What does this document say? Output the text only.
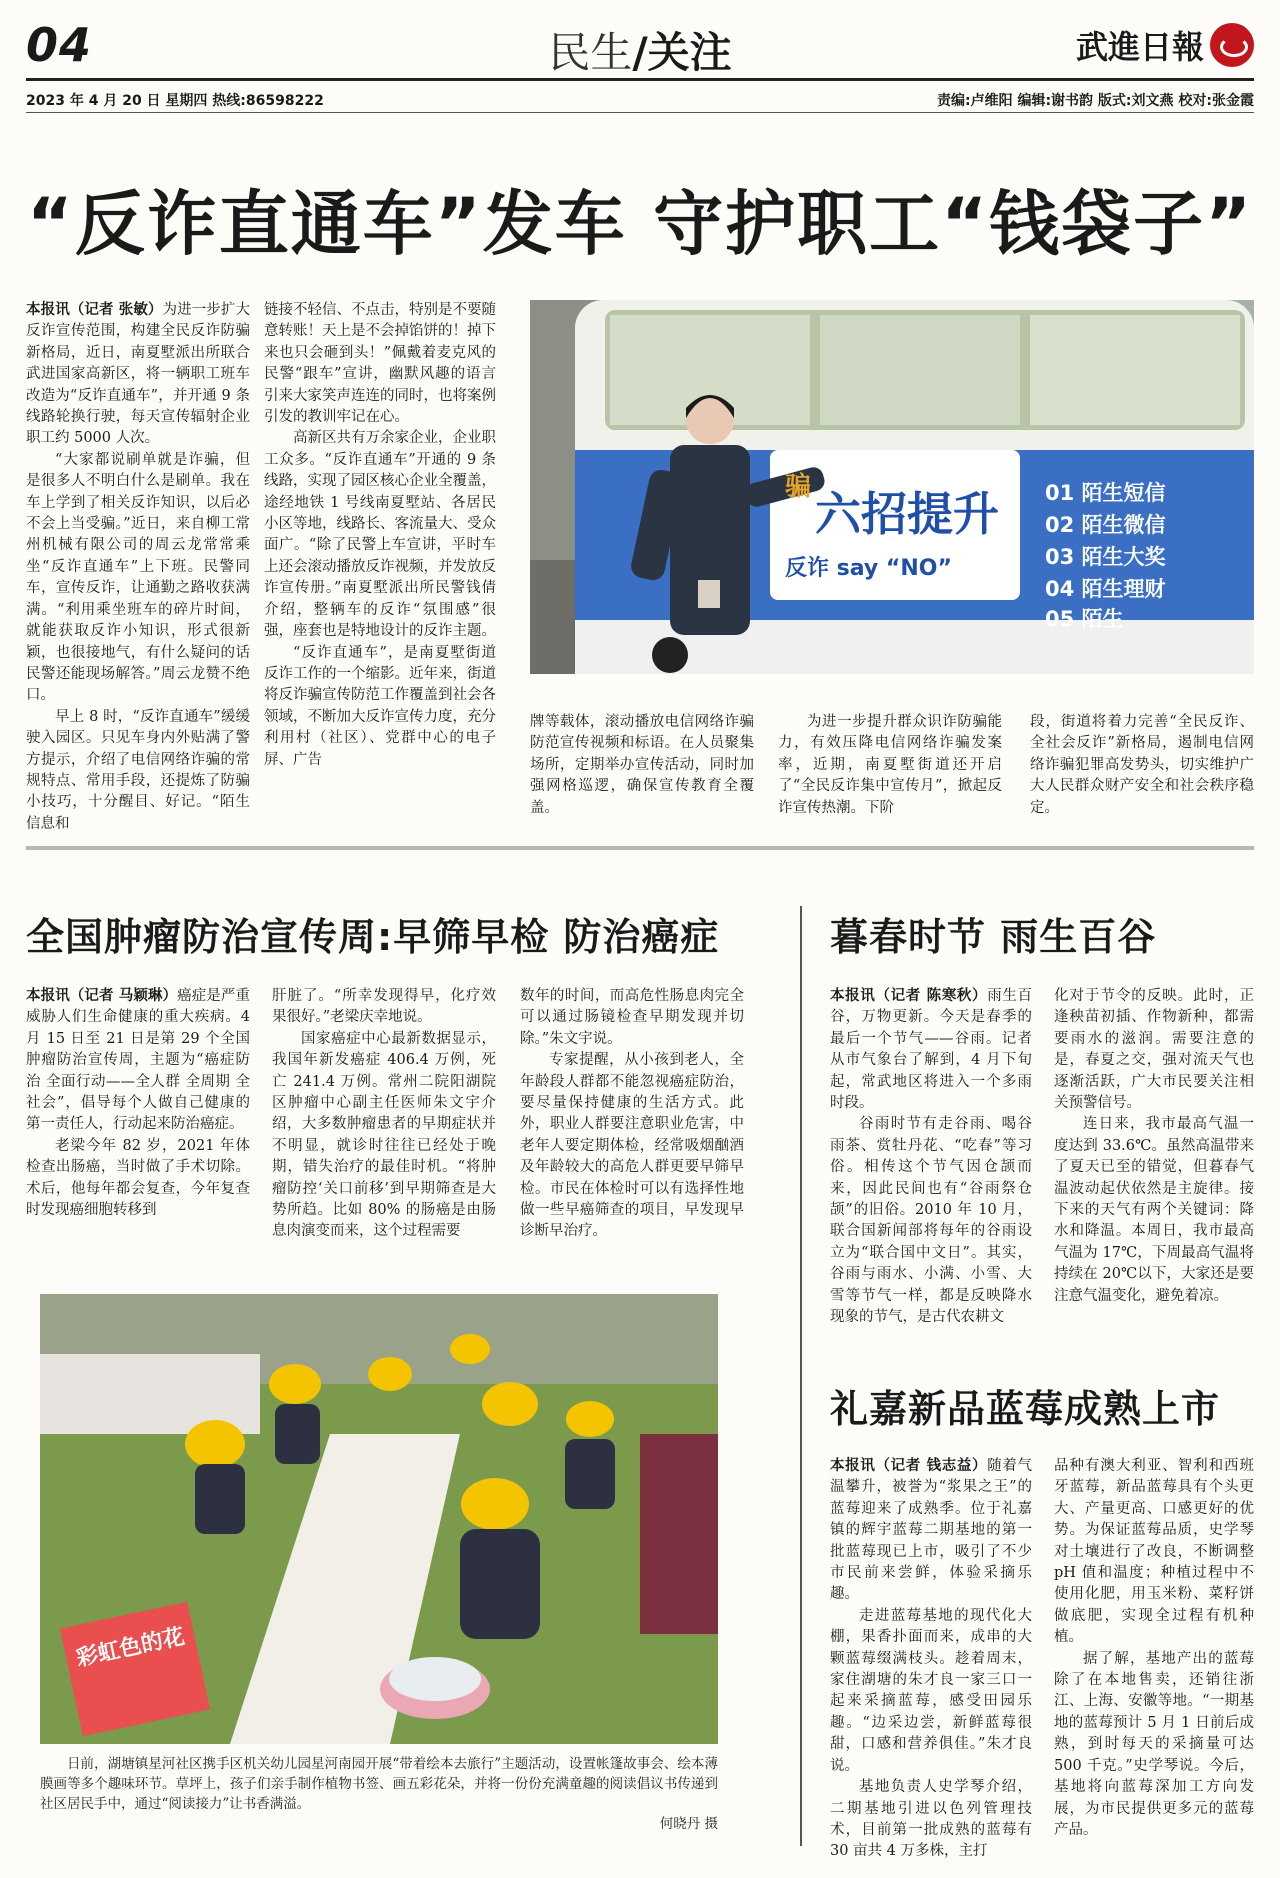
04	民生/关注	武進日報
2023 年 4 月 20 日 星期四 热线:86598222	责编:卢维阳 编辑:谢书韵 版式:刘文燕 校对:张金霞
“反诈直通车”发车 守护职工“钱袋子”

本报讯（记者 张敏）为进一步扩大反诈宣传范围，构建全民反诈防骗新格局，近日，南夏墅派出所联合武进国家高新区，将一辆职工班车改造为“反诈直通车”，并开通 9 条线路轮换行驶，每天宣传辐射企业职工约 5000 人次。

“大家都说刷单就是诈骗，但是很多人不明白什么是刷单。我在车上学到了相关反诈知识，以后必不会上当受骗。”近日，来自柳工常州机械有限公司的周云龙常常乘坐“反诈直通车”上下班。民警同车，宣传反诈，让通勤之路收获满满。“利用乘坐班车的碎片时间，就能获取反诈小知识，形式很新颖，也很接地气，有什么疑问的话民警还能现场解答。”周云龙赞不绝口。

早上 8 时，“反诈直通车”缓缓驶入园区。只见车身内外贴满了警方提示，介绍了电信网络诈骗的常规特点、常用手段，还提炼了防骗小技巧，十分醒目、好记。“陌生信息和

链接不轻信、不点击，特别是不要随意转账！天上是不会掉馅饼的！掉下来也只会砸到头！”佩戴着麦克风的民警“跟车”宣讲，幽默风趣的语言引来大家笑声连连的同时，也将案例引发的教训牢记在心。

高新区共有万余家企业，企业职工众多。“反诈直通车”开通的 9 条线路，实现了园区核心企业全覆盖，途经地铁 1 号线南夏墅站、各居民小区等地，线路长、客流量大、受众面广。“除了民警上车宣讲，平时车上还会滚动播放反诈视频，并发放反诈宣传册。”南夏墅派出所民警钱倩介绍，整辆车的反诈“氛围感”很强，座套也是特地设计的反诈主题。

“反诈直通车”，是南夏墅街道反诈工作的一个缩影。近年来，街道将反诈骗宣传防范工作覆盖到社会各领域，不断加大反诈宣传力度，充分利用村（社区）、党群中心的电子屏、广告

骗 六招提升
反诈 say “NO”
01 陌生短信
02 陌生微信
03 陌生大奖
04 陌生理财
05 陌生

牌等载体，滚动播放电信网络诈骗防范宣传视频和标语。在人员聚集场所，定期举办宣传活动，同时加强网格巡逻，确保宣传教育全覆盖。

为进一步提升群众识诈防骗能力，有效压降电信网络诈骗发案率，近期，南夏墅街道还开启了“全民反诈集中宣传月”，掀起反诈宣传热潮。下阶

段，街道将着力完善“全民反诈、全社会反诈”新格局，遏制电信网络诈骗犯罪高发势头，切实维护广大人民群众财产安全和社会秩序稳定。

全国肿瘤防治宣传周:早筛早检 防治癌症

本报讯（记者 马颖琳）癌症是严重威胁人们生命健康的重大疾病。4 月 15 日至 21 日是第 29 个全国肿瘤防治宣传周，主题为“癌症防治 全面行动——全人群 全周期 全社会”，倡导每个人做自己健康的第一责任人，行动起来防治癌症。

老梁今年 82 岁，2021 年体检查出肠癌，当时做了手术切除。术后，他每年都会复查，今年复查时发现癌细胞转移到

肝脏了。“所幸发现得早，化疗效果很好。”老梁庆幸地说。

国家癌症中心最新数据显示，我国年新发癌症 406.4 万例，死亡 241.4 万例。常州二院阳湖院区肿瘤中心副主任医师朱文宇介绍，大多数肿瘤患者的早期症状并不明显，就诊时往往已经处于晚期，错失治疗的最佳时机。“将肿瘤防控‘关口前移’到早期筛查是大势所趋。比如 80% 的肠癌是由肠息肉演变而来，这个过程需要

数年的时间，而高危性肠息肉完全可以通过肠镜检查早期发现并切除。”朱文宇说。

专家提醒，从小孩到老人，全年龄段人群都不能忽视癌症防治，要尽量保持健康的生活方式。此外，职业人群要注意职业危害，中老年人要定期体检，经常吸烟酗酒及年龄较大的高危人群更要早筛早检。市民在体检时可以有选择性地做一些早癌筛查的项目，早发现早诊断早治疗。

彩虹色的花
日前，湖塘镇星河社区携手区机关幼儿园星河南园开展“带着绘本去旅行”主题活动，设置帐篷故事会、绘本薄膜画等多个趣味环节。草坪上，孩子们亲手制作植物书签、画五彩花朵，并将一份份充满童趣的阅读倡议书传递到社区居民手中，通过“阅读接力”让书香满溢。
何晓丹 摄
暮春时节 雨生百谷

本报讯（记者 陈寒秋）雨生百谷，万物更新。今天是春季的最后一个节气——谷雨。记者从市气象台了解到，4 月下旬起，常武地区将进入一个多雨时段。

谷雨时节有走谷雨、喝谷雨茶、赏牡丹花、“吃春”等习俗。相传这个节气因仓颉而来，因此民间也有“谷雨祭仓颉”的旧俗。2010 年 10 月，联合国新闻部将每年的谷雨设立为“联合国中文日”。其实，谷雨与雨水、小满、小雪、大雪等节气一样，都是反映降水现象的节气，是古代农耕文

化对于节令的反映。此时，正逢秧苗初插、作物新种，都需要雨水的滋润。需要注意的是，春夏之交，强对流天气也逐渐活跃，广大市民要关注相关预警信号。

连日来，我市最高气温一度达到 33.6℃。虽然高温带来了夏天已至的错觉，但暮春气温波动起伏依然是主旋律。接下来的天气有两个关键词：降水和降温。本周日，我市最高气温为 17℃，下周最高气温将持续在 20℃以下，大家还是要注意气温变化，避免着凉。

礼嘉新品蓝莓成熟上市

本报讯（记者 钱志益）随着气温攀升，被誉为“浆果之王”的蓝莓迎来了成熟季。位于礼嘉镇的辉宇蓝莓二期基地的第一批蓝莓现已上市，吸引了不少市民前来尝鲜，体验采摘乐趣。

走进蓝莓基地的现代化大棚，果香扑面而来，成串的大颗蓝莓缀满枝头。趁着周末，家住湖塘的朱才良一家三口一起来采摘蓝莓，感受田园乐趣。“边采边尝，新鲜蓝莓很甜，口感和营养俱佳。”朱才良说。

基地负责人史学琴介绍，二期基地引进以色列管理技术，目前第一批成熟的蓝莓有 30 亩共 4 万多株，主打

品种有澳大利亚、智利和西班牙蓝莓，新品蓝莓具有个头更大、产量更高、口感更好的优势。为保证蓝莓品质，史学琴对土壤进行了改良，不断调整 pH 值和温度；种植过程中不使用化肥，用玉米粉、菜籽饼做底肥，实现全过程有机种植。

据了解，基地产出的蓝莓除了在本地售卖，还销往浙江、上海、安徽等地。“一期基地的蓝莓预计 5 月 1 日前后成熟，到时每天的采摘量可达 500 千克。”史学琴说。今后，基地将向蓝莓深加工方向发展，为市民提供更多元的蓝莓产品。
